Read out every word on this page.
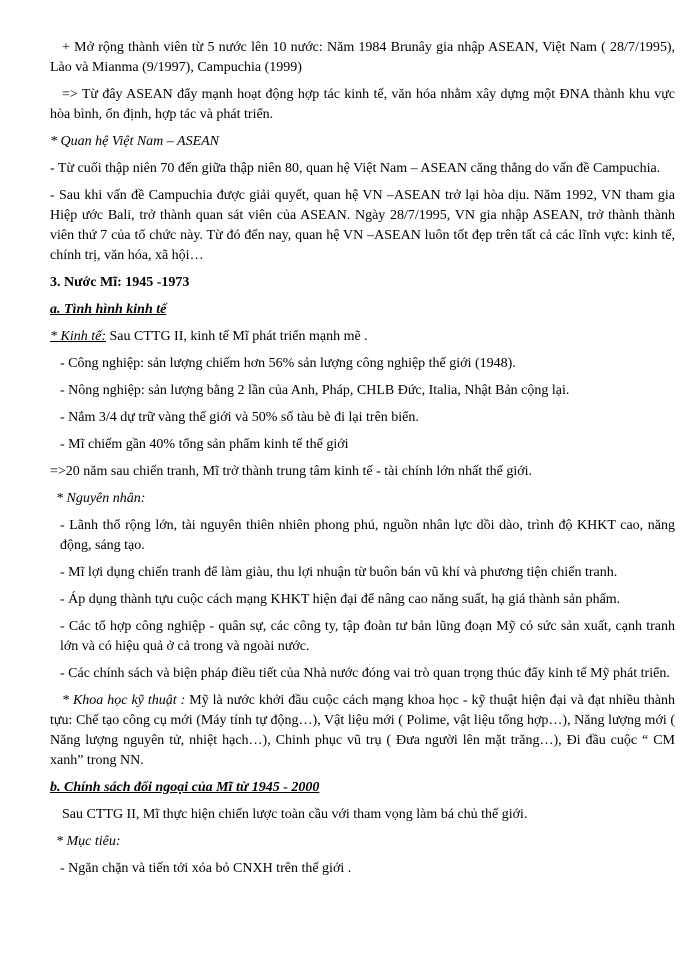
+ Mở rộng thành viên từ 5 nước lên 10 nước: Năm 1984 Brunây gia nhập ASEAN, Việt Nam ( 28/7/1995), Lào và Mianma (9/1997), Campuchia (1999)

=> Từ đây ASEAN đẩy mạnh hoạt động hợp tác kinh tế, văn hóa nhằm xây dựng một ĐNA thành khu vực hòa bình, ổn định, hợp tác và phát triển.

* Quan hệ Việt Nam – ASEAN

- Từ cuối thập niên 70 đến giữa thập niên 80, quan hệ Việt Nam – ASEAN căng thẳng do vấn đề Campuchia.

- Sau khi vấn đề Campuchia được giải quyết, quan hệ VN –ASEAN trở lại hòa dịu. Năm 1992, VN tham gia Hiệp ước Bali, trở thành quan sát viên của ASEAN. Ngày 28/7/1995, VN gia nhập ASEAN, trở thành thành viên thứ 7 của tổ chức này. Từ đó đến nay, quan hệ VN –ASEAN luôn tốt đẹp trên tất cả các lĩnh vực: kinh tế, chính trị, văn hóa, xã hội…

3. Nước Mĩ: 1945 -1973

a. Tình hình kinh tế

* Kinh tế: Sau CTTG II, kinh tế Mĩ phát triển mạnh mẽ .

- Công nghiệp: sản lượng chiếm hơn 56% sản lượng công nghiệp thế giới (1948).

- Nông nghiệp: sản lượng bằng 2 lần của Anh, Pháp, CHLB Đức, Italia, Nhật Bản cộng lại.

- Nắm 3/4 dự trữ vàng thế giới và 50% số tàu bè đi lại trên biển.

- Mĩ chiếm gần 40% tổng sản phẩm kinh tế thế giới

=>20 năm sau chiến tranh, Mĩ trở thành trung tâm kinh tế - tài chính lớn nhất thế giới.

* Nguyên nhân:

- Lãnh thổ rộng lớn, tài nguyên thiên nhiên phong phú, nguồn nhân lực dồi dào, trình độ KHKT cao, năng động, sáng tạo.

- Mĩ lợi dụng chiến tranh để làm giàu, thu lợi nhuận từ buôn bán vũ khí và phương tiện chiến tranh.

- Áp dụng thành tựu cuộc cách mạng KHKT hiện đại để nâng cao năng suất, hạ giá thành sản phẩm.

- Các tổ hợp công nghiệp - quân sự, các công ty, tập đoàn tư bản lũng đoạn Mỹ có sức sản xuất, cạnh tranh lớn và có hiệu quả ở cả trong và ngoài nước.

- Các chính sách và biện pháp điều tiết của Nhà nước đóng vai trò quan trọng thúc đẩy kinh tế Mỹ phát triển.

* Khoa học kỹ thuật : Mỹ là nước khởi đầu cuộc cách mạng khoa học - kỹ thuật hiện đại và đạt nhiều thành tựu: Chế tạo công cụ mới (Máy tính tự động…), Vật liệu mới ( Polime, vật liệu tổng hợp…), Năng lượng mới ( Năng lượng nguyên tử, nhiệt hạch…), Chinh phục vũ trụ ( Đưa người lên mặt trăng…), Đi đầu cuộc “ CM xanh” trong NN.

b. Chính sách đối ngoại của Mĩ từ 1945 - 2000

Sau CTTG II, Mĩ thực hiện chiến lược toàn cầu với tham vọng làm bá chủ thế giới.

* Mục tiêu:

- Ngăn chặn và tiến tới xóa bỏ CNXH trên thế giới .
